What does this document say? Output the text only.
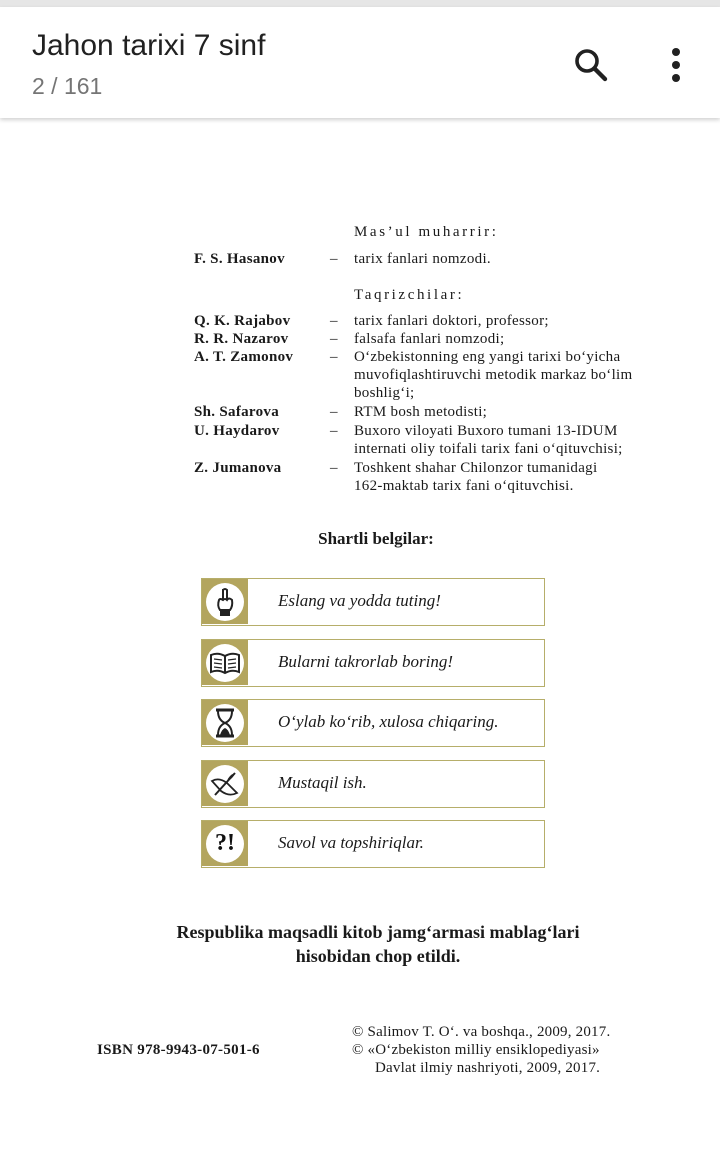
Jahon tarixi 7 sinf
2 / 161
Mas’ul muharrir:
F. S. Hasanov	– tarix fanlari nomzodi.
Taqrizchilar:
Q. K. Rajabov	– tarix fanlari doktori, professor;
R. R. Nazarov	– falsafa fanlari nomzodi;
A. T. Zamonov – O‘zbekistonning eng yangi tarixi bo‘yicha
muvofiqlashtiruvchi metodik markaz bo‘lim
boshlig‘i;
Sh. Safarova	– RTM bosh metodisti;
U. Haydarov	– Buxoro viloyati Buxoro tumani 13-IDUM
internati oliy toifali tarix fani o‘qituvchisi;
Z. Jumanova	– Toshkent shahar Chilonzor tumanidagi
162-maktab tarix fani o‘qituvchisi.
Shartli belgilar:
Eslang va yodda tuting!
Bularni takrorlab boring!
O‘ylab ko‘rib, xulosa chiqaring.
Mustaqil ish.
?!	Savol va topshiriqlar.
Respublika maqsadli kitob jamg‘armasi mablag‘lari
hisobidan chop etildi.
ISBN 978-9943-07-501-6
© Salimov T. O‘. va boshqa., 2009, 2017.
© «O‘zbekiston milliy ensiklopediyasi»
Davlat ilmiy nashriyoti, 2009, 2017.
